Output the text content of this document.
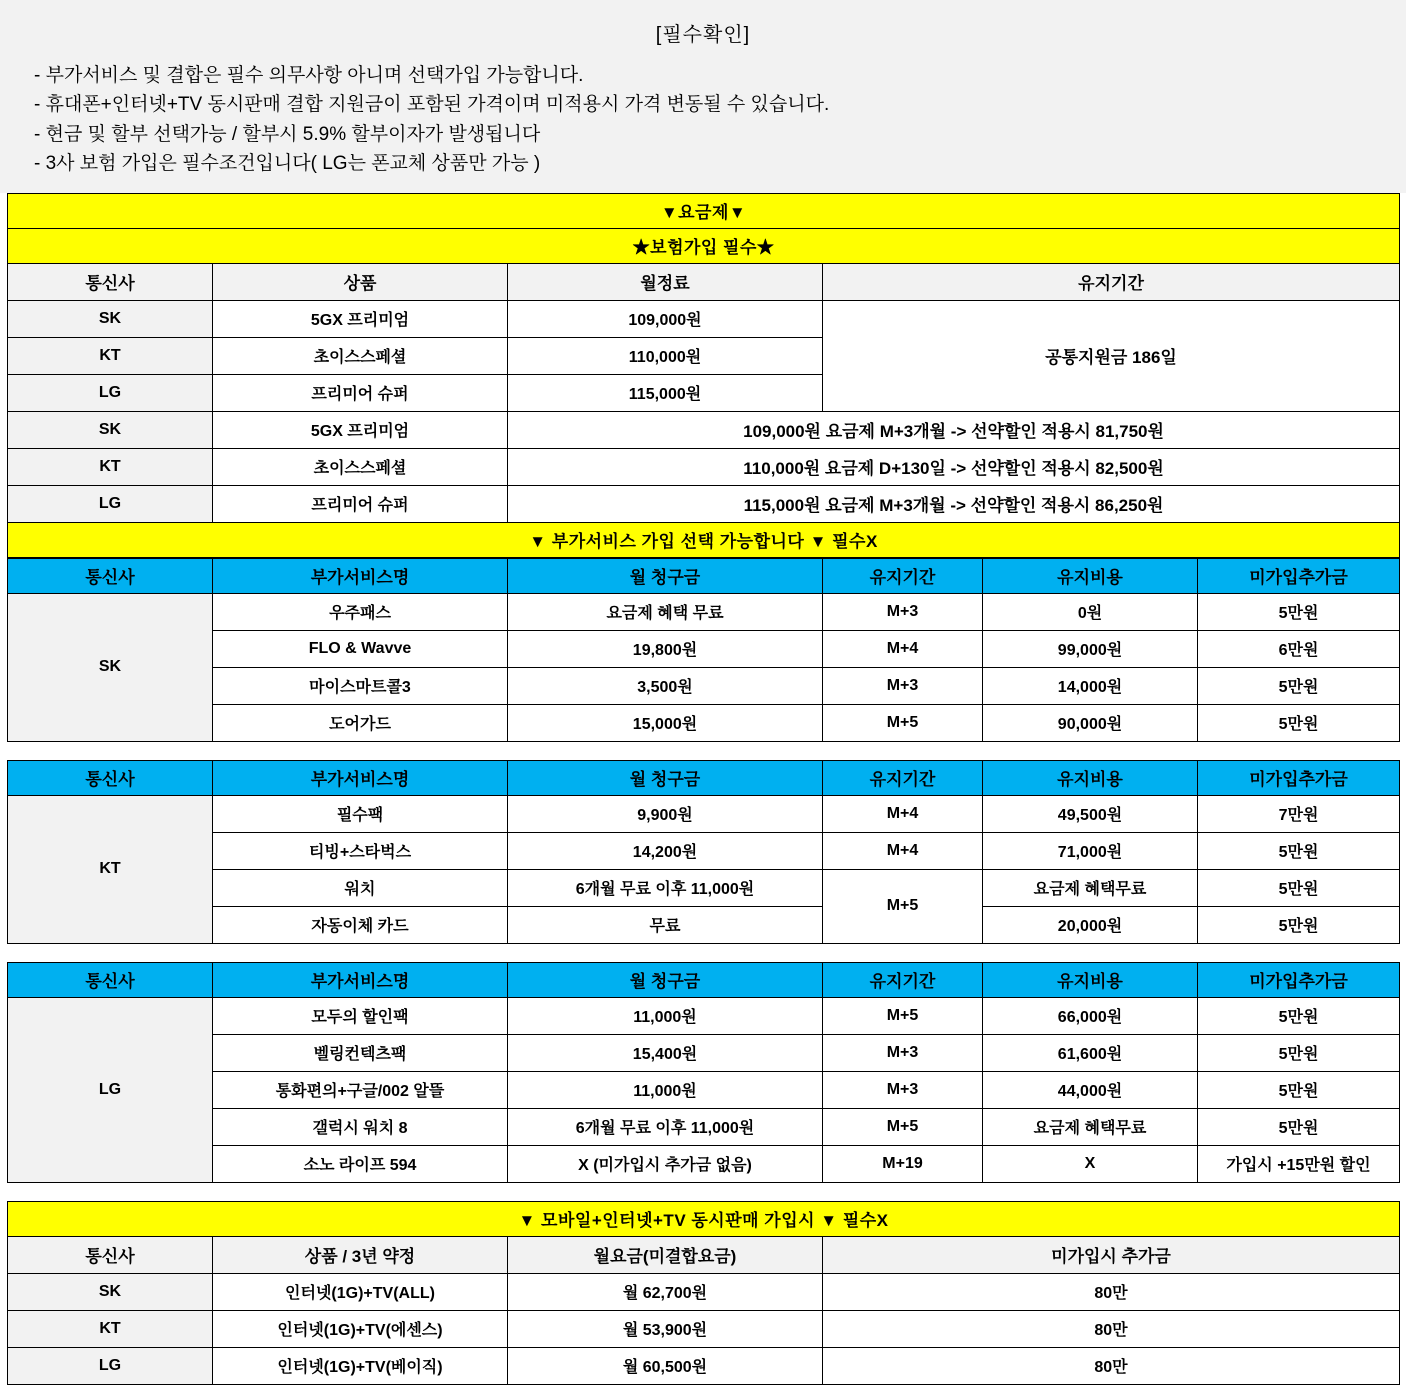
[필수확인]
- 부가서비스 및 결합은 필수 의무사항 아니며 선택가입 가능합니다.
- 휴대폰+인터넷+TV 동시판매 결합 지원금이 포함된 가격이며 미적용시 가격 변동될 수 있습니다.
- 현금 및 할부 선택가능 / 할부시 5.9% 할부이자가 발생됩니다
- 3사 보험 가입은 필수조건입니다( LG는 폰교체 상품만 가능 )
▼요금제▼			
★보험가입 필수★			
통신사	상품	월정료	유지기간
SK	5GX 프리미엄	109,000원	공통지원금 186일
KT	초이스스페셜	110,000원	
LG	프리미어 슈퍼	115,000원	
SK	5GX 프리미엄	109,000원 요금제 M+3개월 -> 선약할인 적용시 81,750원	
KT	초이스스페셜	110,000원 요금제 D+130일 -> 선약할인 적용시 82,500원	
LG	프리미어 슈퍼	115,000원 요금제 M+3개월 -> 선약할인 적용시 86,250원	
▼ 부가서비스 가입 선택 가능합니다 ▼ 필수X			
통신사	부가서비스명	월 청구금	유지기간	유지비용	미가입추가금
SK	우주패스	요금제 혜택 무료	M+3	0원	5만원
	FLO & Wavve	19,800원	M+4	99,000원	6만원
	마이스마트콜3	3,500원	M+3	14,000원	5만원
	도어가드	15,000원	M+5	90,000원	5만원
통신사	부가서비스명	월 청구금	유지기간	유지비용	미가입추가금
KT	필수팩	9,900원	M+4	49,500원	7만원
	티빙+스타벅스	14,200원	M+4	71,000원	5만원
	워치	6개월 무료 이후 11,000원	M+5	요금제 혜택무료	5만원
	자동이체 카드	무료		20,000원	5만원
통신사	부가서비스명	월 청구금	유지기간	유지비용	미가입추가금
LG	모두의 할인팩	11,000원	M+5	66,000원	5만원
	벨링컨텍츠팩	15,400원	M+3	61,600원	5만원
	통화편의+구글/002 알뜰	11,000원	M+3	44,000원	5만원
	갤럭시 워치 8	6개월 무료 이후 11,000원	M+5	요금제 혜택무료	5만원
	소노 라이프 594	X (미가입시 추가금 없음)	M+19	X	가입시 +15만원 할인
▼ 모바일+인터넷+TV 동시판매 가입시 ▼ 필수X			
통신사	상품 / 3년 약정	월요금(미결합요금)	미가입시 추가금
SK	인터넷(1G)+TV(ALL)	월 62,700원	80만
KT	인터넷(1G)+TV(에센스)	월 53,900원	80만
LG	인터넷(1G)+TV(베이직)	월 60,500원	80만
